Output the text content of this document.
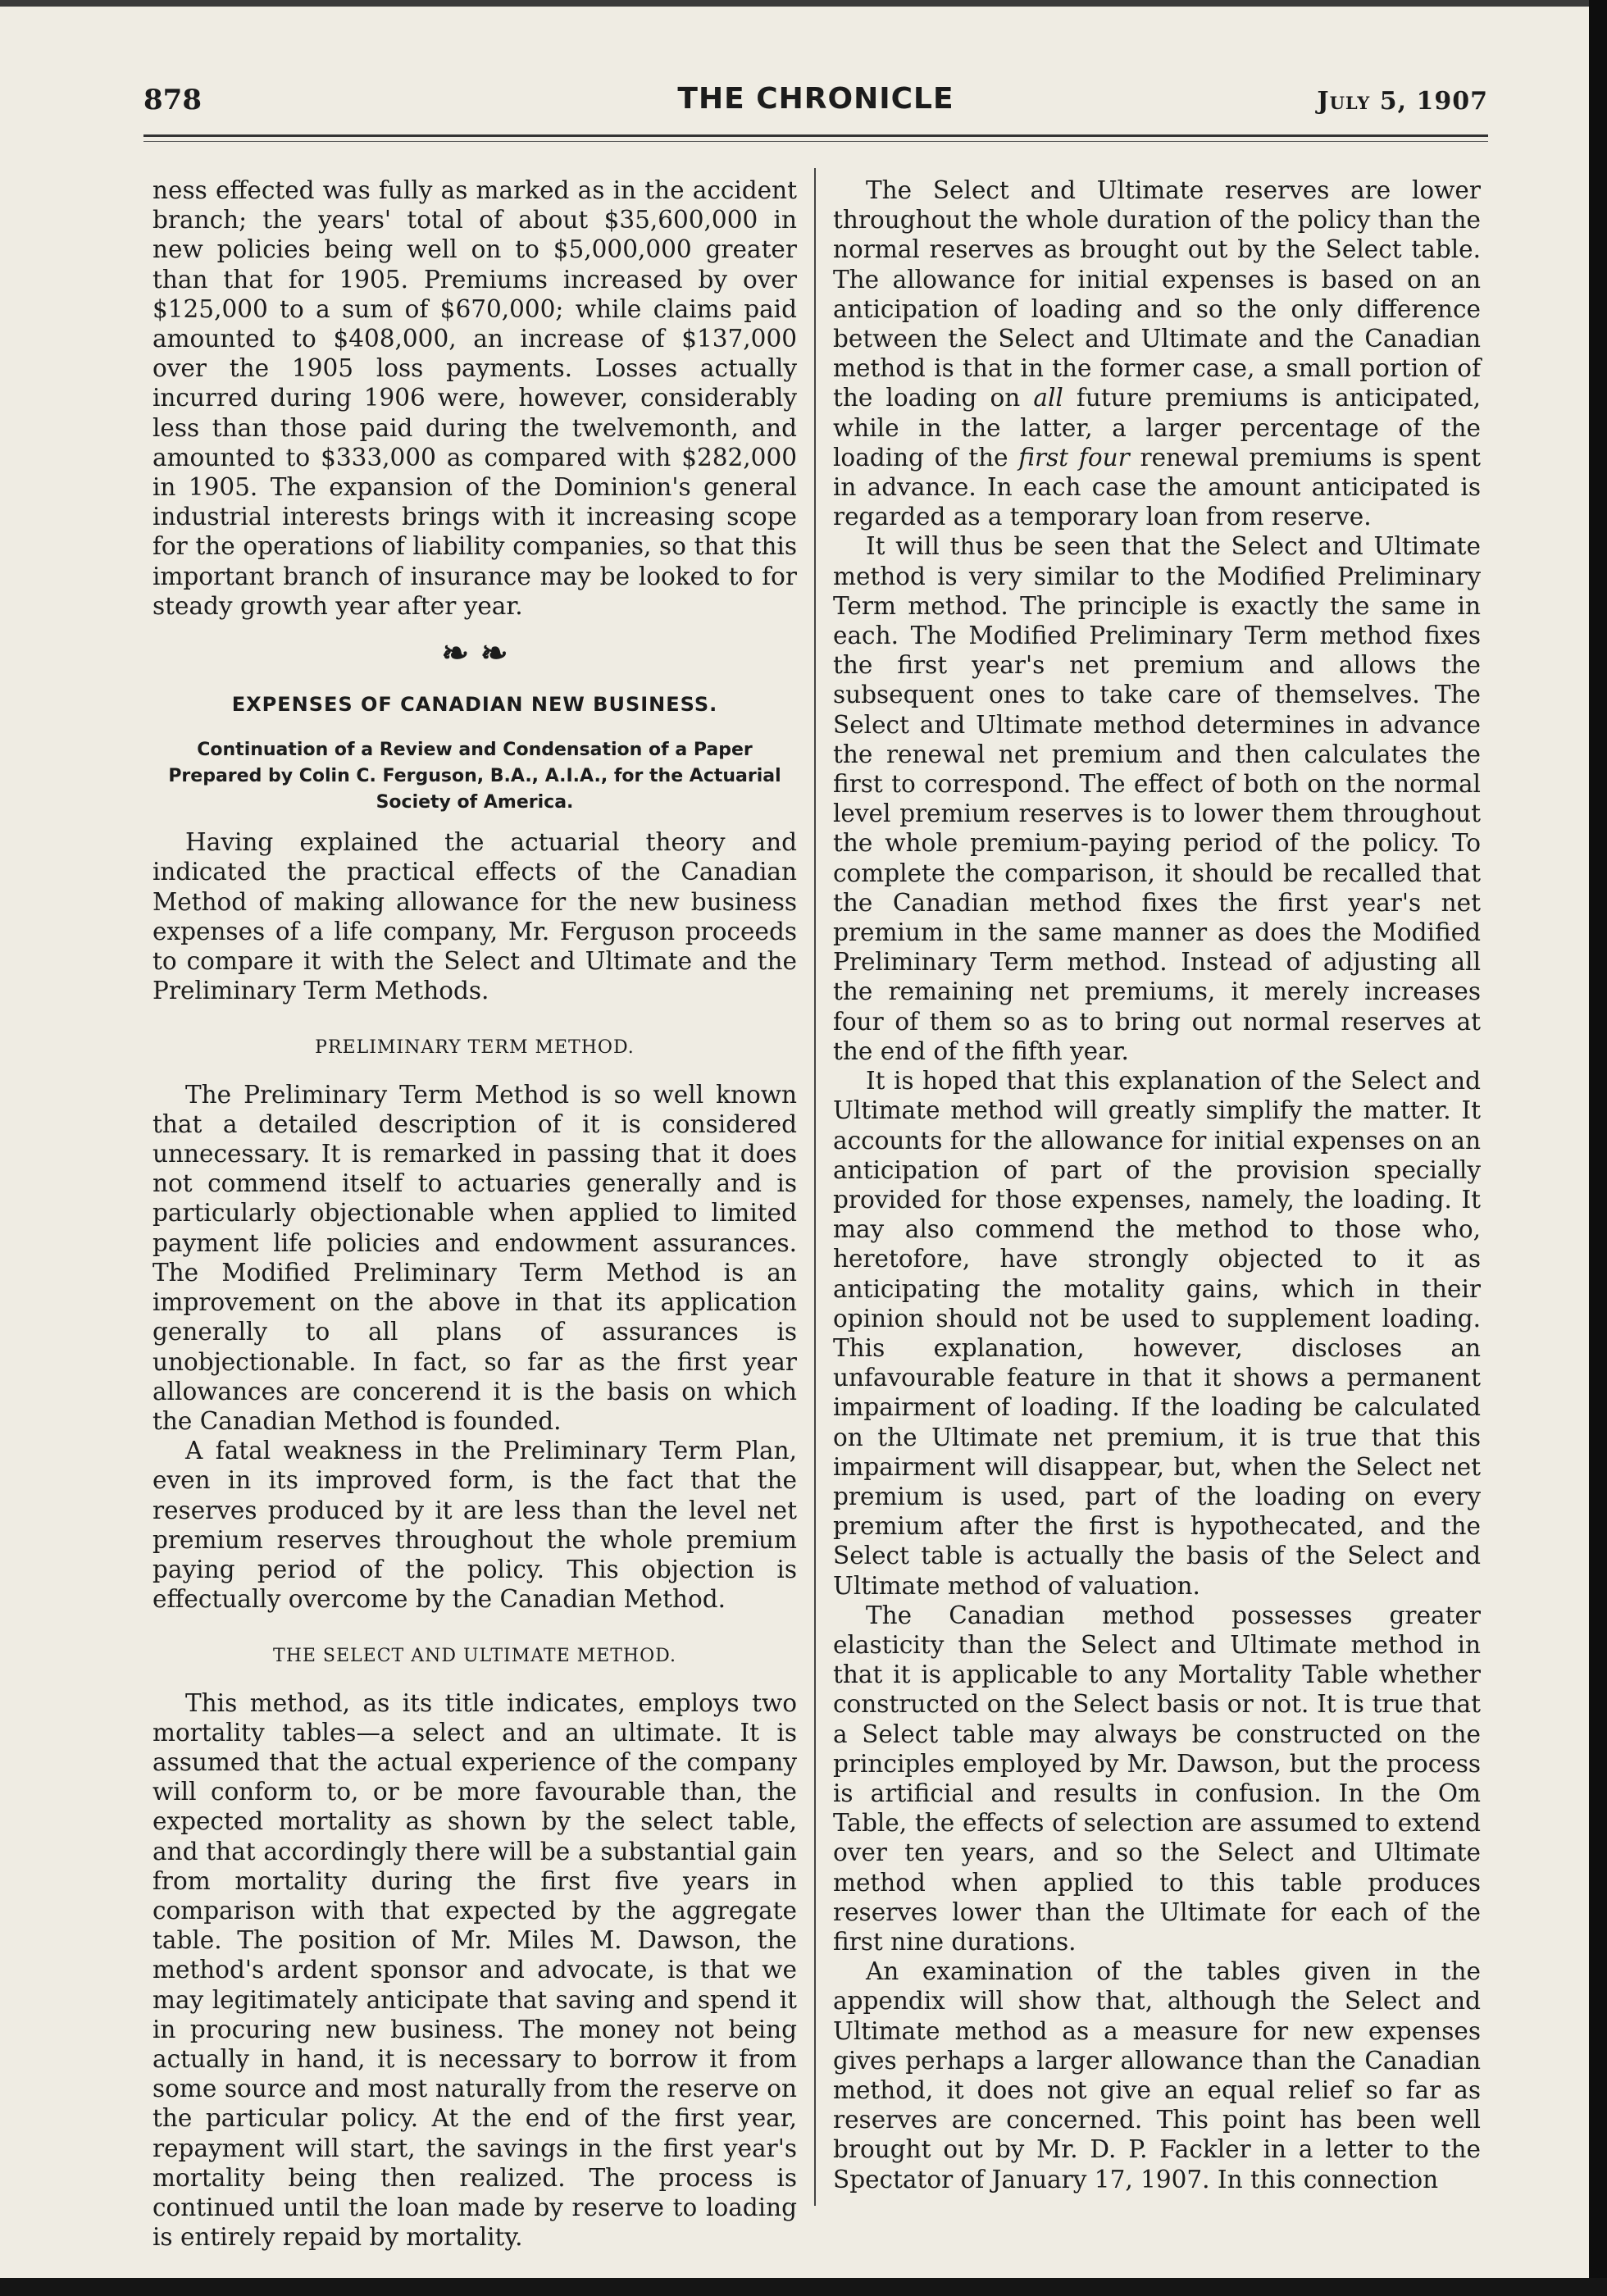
878	THE CHRONICLE	July 5, 1907

ness effected was fully as marked as in the accident branch; the years' total of about $35,600,000 in new policies being well on to $5,000,000 greater than that for 1905. Premiums increased by over $125,000 to a sum of $670,000; while claims paid amounted to $408,000, an increase of $137,000 over the 1905 loss payments. Losses actually incurred during 1906 were, however, considerably less than those paid during the twelvemonth, and amounted to $333,000 as compared with $282,000 in 1905. The expansion of the Dominion's general industrial interests brings with it increasing scope for the operations of liability companies, so that this important branch of insurance may be looked to for steady growth year after year.

❧ ❧
EXPENSES OF CANADIAN NEW BUSINESS.
Continuation of a Review and Condensation of a Paper Prepared by Colin C. Ferguson, B.A., A.I.A., for the Actuarial Society of America.

Having explained the actuarial theory and indicated the practical effects of the Canadian Method of making allowance for the new business expenses of a life company, Mr. Ferguson proceeds to compare it with the Select and Ultimate and the Preliminary Term Methods.

PRELIMINARY TERM METHOD.

The Preliminary Term Method is so well known that a detailed description of it is considered unnecessary. It is remarked in passing that it does not commend itself to actuaries generally and is particularly objectionable when applied to limited payment life policies and endowment assurances. The Modified Preliminary Term Method is an improvement on the above in that its application generally to all plans of assurances is unobjectionable. In fact, so far as the first year allowances are concerend it is the basis on which the Canadian Method is founded.

A fatal weakness in the Preliminary Term Plan, even in its improved form, is the fact that the reserves produced by it are less than the level net premium reserves throughout the whole premium paying period of the policy. This objection is effectually overcome by the Canadian Method.

THE SELECT AND ULTIMATE METHOD.

This method, as its title indicates, employs two mortality tables—a select and an ultimate. It is assumed that the actual experience of the company will conform to, or be more favourable than, the expected mortality as shown by the select table, and that accordingly there will be a substantial gain from mortality during the first five years in comparison with that expected by the aggregate table. The position of Mr. Miles M. Dawson, the method's ardent sponsor and advocate, is that we may legitimately anticipate that saving and spend it in procuring new business. The money not being actually in hand, it is necessary to borrow it from some source and most naturally from the reserve on the particular policy. At the end of the first year, repayment will start, the savings in the first year's mortality being then realized. The process is continued until the loan made by reserve to loading is entirely repaid by mortality.

The Select and Ultimate reserves are lower throughout the whole duration of the policy than the normal reserves as brought out by the Select table. The allowance for initial expenses is based on an anticipation of loading and so the only difference between the Select and Ultimate and the Canadian method is that in the former case, a small portion of the loading on all future premiums is anticipated, while in the latter, a larger percentage of the loading of the first four renewal premiums is spent in advance. In each case the amount anticipated is regarded as a temporary loan from reserve.

It will thus be seen that the Select and Ultimate method is very similar to the Modified Preliminary Term method. The principle is exactly the same in each. The Modified Preliminary Term method fixes the first year's net premium and allows the subsequent ones to take care of themselves. The Select and Ultimate method determines in advance the renewal net premium and then calculates the first to correspond. The effect of both on the normal level premium reserves is to lower them throughout the whole premium-paying period of the policy. To complete the comparison, it should be recalled that the Canadian method fixes the first year's net premium in the same manner as does the Modified Preliminary Term method. Instead of adjusting all the remaining net premiums, it merely increases four of them so as to bring out normal reserves at the end of the fifth year.

It is hoped that this explanation of the Select and Ultimate method will greatly simplify the matter. It accounts for the allowance for initial expenses on an anticipation of part of the provision specially provided for those expenses, namely, the loading. It may also commend the method to those who, heretofore, have strongly objected to it as anticipating the motality gains, which in their opinion should not be used to supplement loading. This explanation, however, discloses an unfavourable feature in that it shows a permanent impairment of loading. If the loading be calculated on the Ultimate net premium, it is true that this impairment will disappear, but, when the Select net premium is used, part of the loading on every premium after the first is hypothecated, and the Select table is actually the basis of the Select and Ultimate method of valuation.

The Canadian method possesses greater elasticity than the Select and Ultimate method in that it is applicable to any Mortality Table whether constructed on the Select basis or not. It is true that a Select table may always be constructed on the principles employed by Mr. Dawson, but the process is artificial and results in confusion. In the Om Table, the effects of selection are assumed to extend over ten years, and so the Select and Ultimate method when applied to this table produces reserves lower than the Ultimate for each of the first nine durations.

An examination of the tables given in the appendix will show that, although the Select and Ultimate method as a measure for new expenses gives perhaps a larger allowance than the Canadian method, it does not give an equal relief so far as reserves are concerned. This point has been well brought out by Mr. D. P. Fackler in a letter to the Spectator of January 17, 1907. In this connection
